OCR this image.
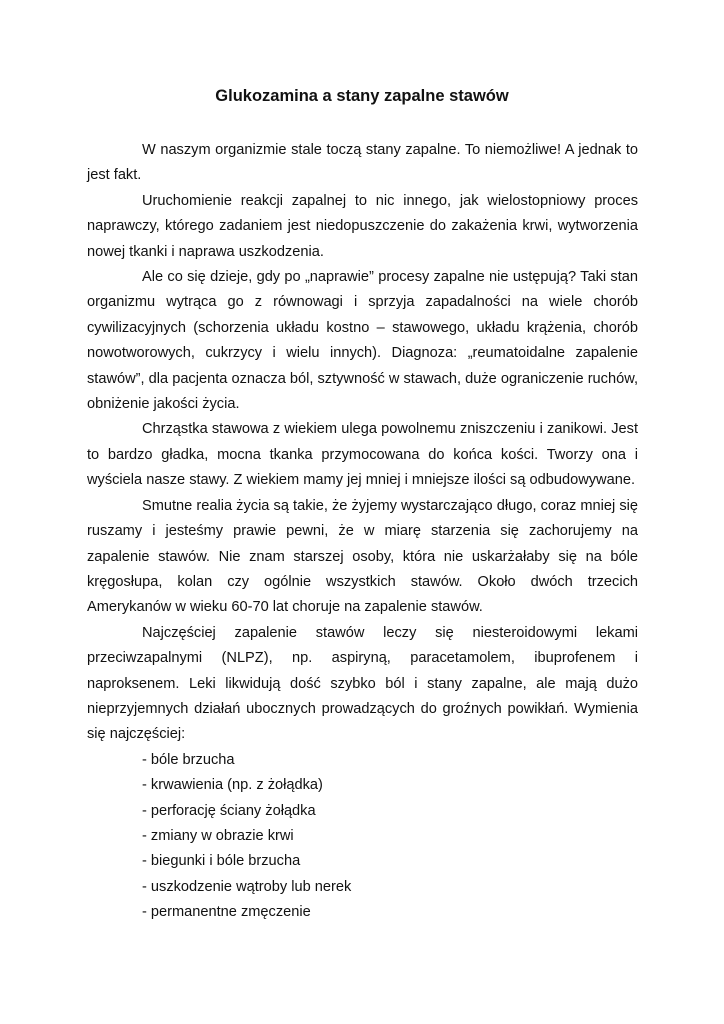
Glukozamina a stany zapalne stawów

W naszym organizmie stale toczą stany zapalne. To niemożliwe! A jednak to jest fakt.

Uruchomienie reakcji zapalnej to nic innego, jak wielostopniowy proces naprawczy, którego zadaniem jest niedopuszczenie do zakażenia krwi, wytworzenia nowej tkanki i naprawa uszkodzenia.

Ale co się dzieje, gdy po „naprawie” procesy zapalne nie ustępują? Taki stan organizmu wytrąca go z równowagi i sprzyja zapadalności na wiele chorób cywilizacyjnych (schorzenia układu kostno – stawowego, układu krążenia, chorób nowotworowych, cukrzycy i wielu innych). Diagnoza: „reumatoidalne zapalenie stawów”, dla pacjenta oznacza ból, sztywność w stawach, duże ograniczenie ruchów, obniżenie jakości życia.

Chrząstka stawowa z wiekiem ulega powolnemu zniszczeniu i zanikowi. Jest to bardzo gładka, mocna tkanka przymocowana do końca kości. Tworzy ona i wyściela nasze stawy. Z wiekiem mamy jej mniej i mniejsze ilości są odbudowywane.

Smutne realia życia są takie, że żyjemy wystarczająco długo, coraz mniej się ruszamy i jesteśmy prawie pewni, że w miarę starzenia się zachorujemy na zapalenie stawów. Nie znam starszej osoby, która nie uskarżałaby się na bóle kręgosłupa, kolan czy ogólnie wszystkich stawów. Około dwóch trzecich Amerykanów w wieku 60-70 lat choruje na zapalenie stawów.

Najczęściej zapalenie stawów leczy się niesteroidowymi lekami przeciwzapalnymi (NLPZ), np. aspiryną, paracetamolem, ibuprofenem i naproksenem. Leki likwidują dość szybko ból i stany zapalne, ale mają dużo nieprzyjemnych działań ubocznych prowadzących do groźnych powikłań. Wymienia się najczęściej:

- bóle brzucha
- krwawienia (np. z żołądka)
- perforację ściany żołądka
- zmiany w obrazie krwi
- biegunki i bóle brzucha
- uszkodzenie wątroby lub nerek
- permanentne zmęczenie
